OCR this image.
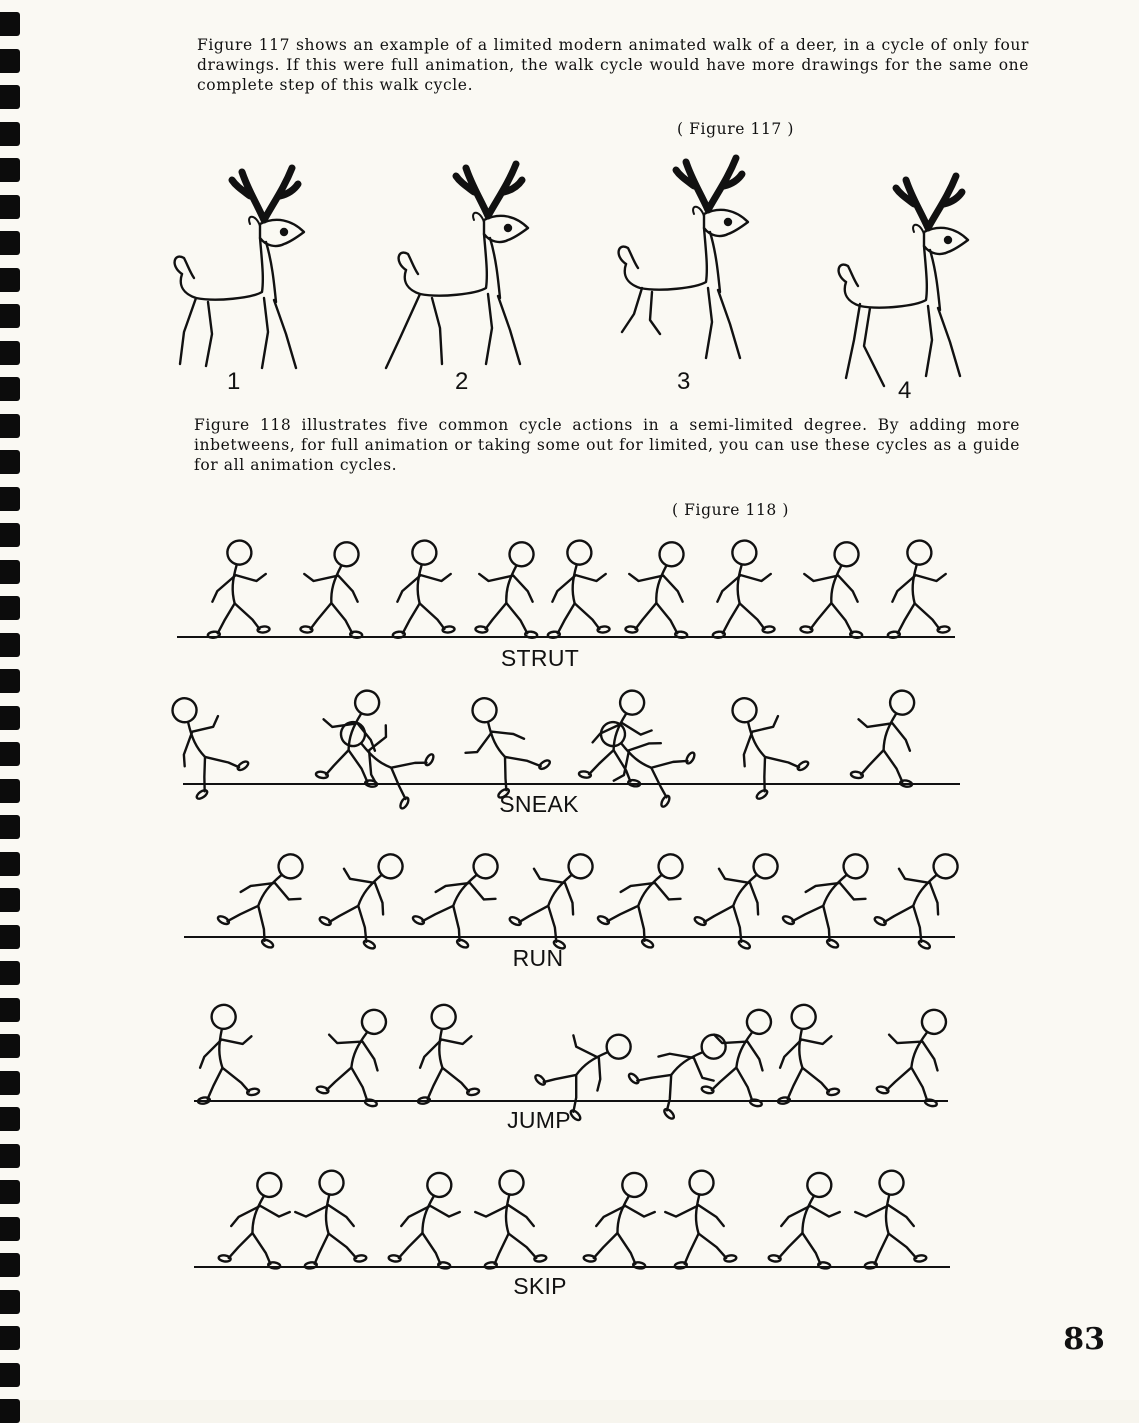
Figure 117 shows an example of a limited modern animated walk of a deer, in a cycle of only four drawings. If this were full animation, the walk cycle would have more drawings for the same one complete step of this walk cycle.

( Figure 117 )
1	2	3	4

Figure 118 illustrates five common cycle actions in a semi-limited degree. By adding more inbetweens, for full animation or taking some out for limited, you can use these cycles as a guide for all animation cycles.

( Figure 118 )
STRUT
SNEAK
RUN
JUMP
SKIP
83
